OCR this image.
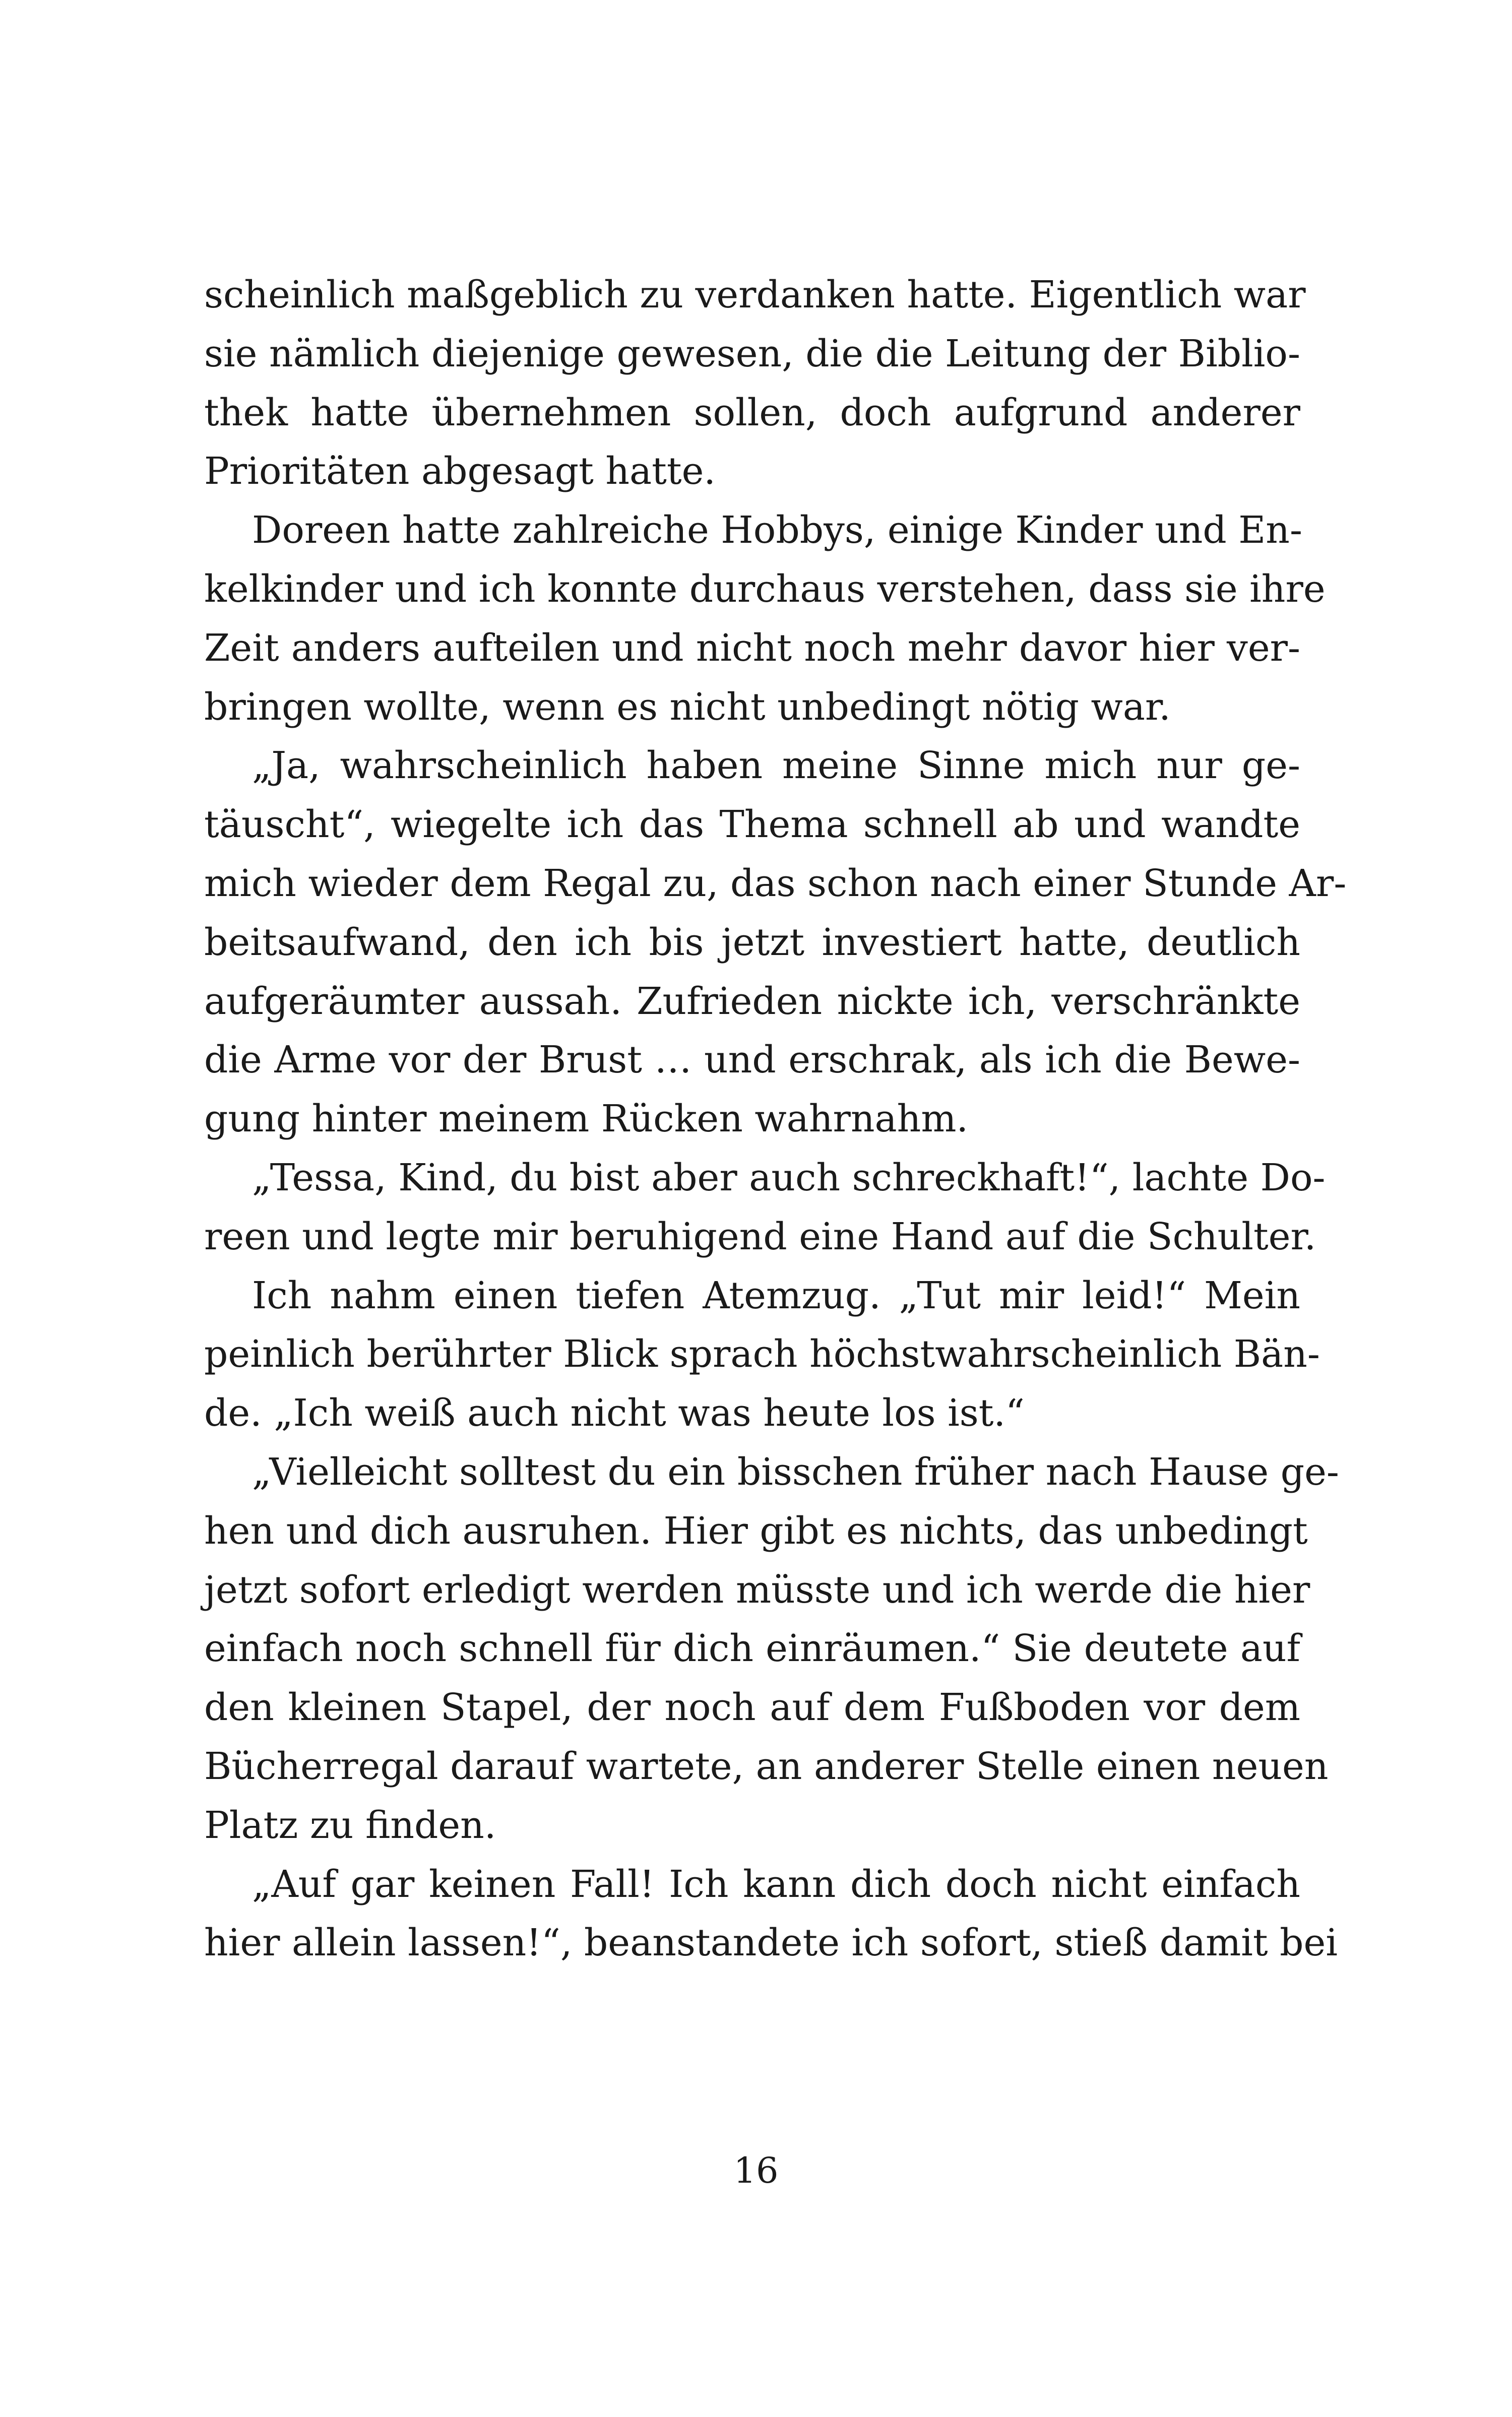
scheinlich maßgeblich zu verdanken hatte. Eigentlich war
sie nämlich diejenige gewesen, die die Leitung der Biblio-
thek hatte übernehmen sollen, doch aufgrund anderer
Prioritäten abgesagt hatte.
Doreen hatte zahlreiche Hobbys, einige Kinder und En-
kelkinder und ich konnte durchaus verstehen, dass sie ihre
Zeit anders aufteilen und nicht noch mehr davor hier ver-
bringen wollte, wenn es nicht unbedingt nötig war.
„Ja, wahrscheinlich haben meine Sinne mich nur ge-
täuscht“, wiegelte ich das Thema schnell ab und wandte
mich wieder dem Regal zu, das schon nach einer Stunde Ar-
beitsaufwand, den ich bis jetzt investiert hatte, deutlich
aufgeräumter aussah. Zufrieden nickte ich, verschränkte
die Arme vor der Brust … und erschrak, als ich die Bewe-
gung hinter meinem Rücken wahrnahm.
„Tessa, Kind, du bist aber auch schreckhaft!“, lachte Do-
reen und legte mir beruhigend eine Hand auf die Schulter.
Ich nahm einen tiefen Atemzug. „Tut mir leid!“ Mein
peinlich berührter Blick sprach höchstwahrscheinlich Bän-
de. „Ich weiß auch nicht was heute los ist.“
„Vielleicht solltest du ein bisschen früher nach Hause ge-
hen und dich ausruhen. Hier gibt es nichts, das unbedingt
jetzt sofort erledigt werden müsste und ich werde die hier
einfach noch schnell für dich einräumen.“ Sie deutete auf
den kleinen Stapel, der noch auf dem Fußboden vor dem
Bücherregal darauf wartete, an anderer Stelle einen neuen
Platz zu finden.
„Auf gar keinen Fall! Ich kann dich doch nicht einfach
hier allein lassen!“, beanstandete ich sofort, stieß damit bei
16
